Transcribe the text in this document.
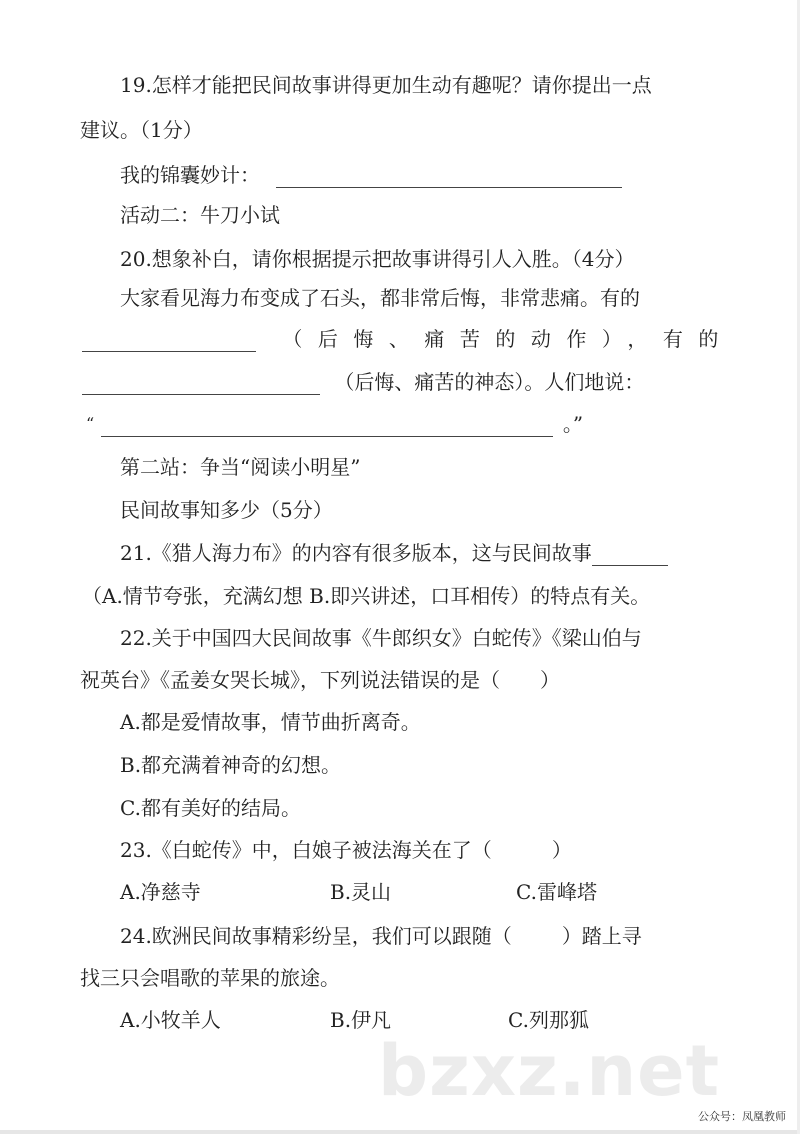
19.怎样才能把民间故事讲得更加生动有趣呢？请你提出一点
建议。（1分）
我的锦囊妙计：
活动二：牛刀小试
20.想象补白，请你根据提示把故事讲得引人入胜。（4分）
大家看见海力布变成了石头，都非常后悔，非常悲痛。有的
（后悔、痛苦的动作），有的
（后悔、痛苦的神态）。人们地说：
“	。”
第二站：争当“阅读小明星”
民间故事知多少（5分）
21.《猎人海力布》的内容有很多版本，这与民间故事
（A.情节夸张，充满幻想 B.即兴讲述，口耳相传）的特点有关。
22.关于中国四大民间故事《牛郎织女》白蛇传》《梁山伯与
祝英台》《孟姜女哭长城》，下列说法错误的是（ ）
A.都是爱情故事，情节曲折离奇。
B.都充满着神奇的幻想。
C.都有美好的结局。
23.《白蛇传》中，白娘子被法海关在了（	）
A.净慈寺	B.灵山	C.雷峰塔
24.欧洲民间故事精彩纷呈，我们可以跟随（	）踏上寻
找三只会唱歌的苹果的旅途。
A.小牧羊人	B.伊凡	C.列那狐
bzxz.net
公众号：凤凰教师
